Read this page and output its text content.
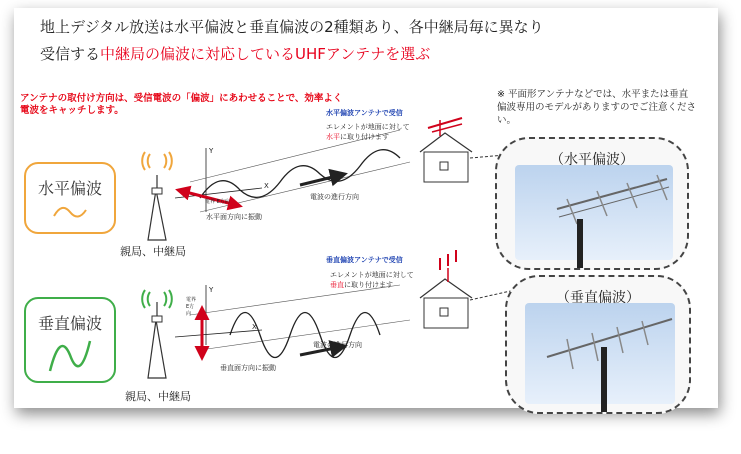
地上デジタル放送は水平偏波と垂直偏波の2種類あり、各中継局毎に異なり
受信する中継局の偏波に対応しているUHFアンテナを選ぶ
アンテナの取付け方向は、受信電波の「偏波」にあわせることで、効率よく電波をキャッチします。
※ 平面形アンテナなどでは、水平または垂直偏波専用のモデルがありますのでご注意ください。
水平偏波
垂直偏波
親局、中継局
親局、中継局
水平偏波アンテナで受信
エレメントが地面に対して
水平に取り付けます
Y
X
電界 E方向
電波の進行方向
水平面方向に振動
垂直偏波アンテナで受信
エレメントが地面に対して
垂直に取り付けます
Y
X
電界 E方向
電波の進行方向
垂直面方向に振動
（水平偏波）
（垂直偏波）
